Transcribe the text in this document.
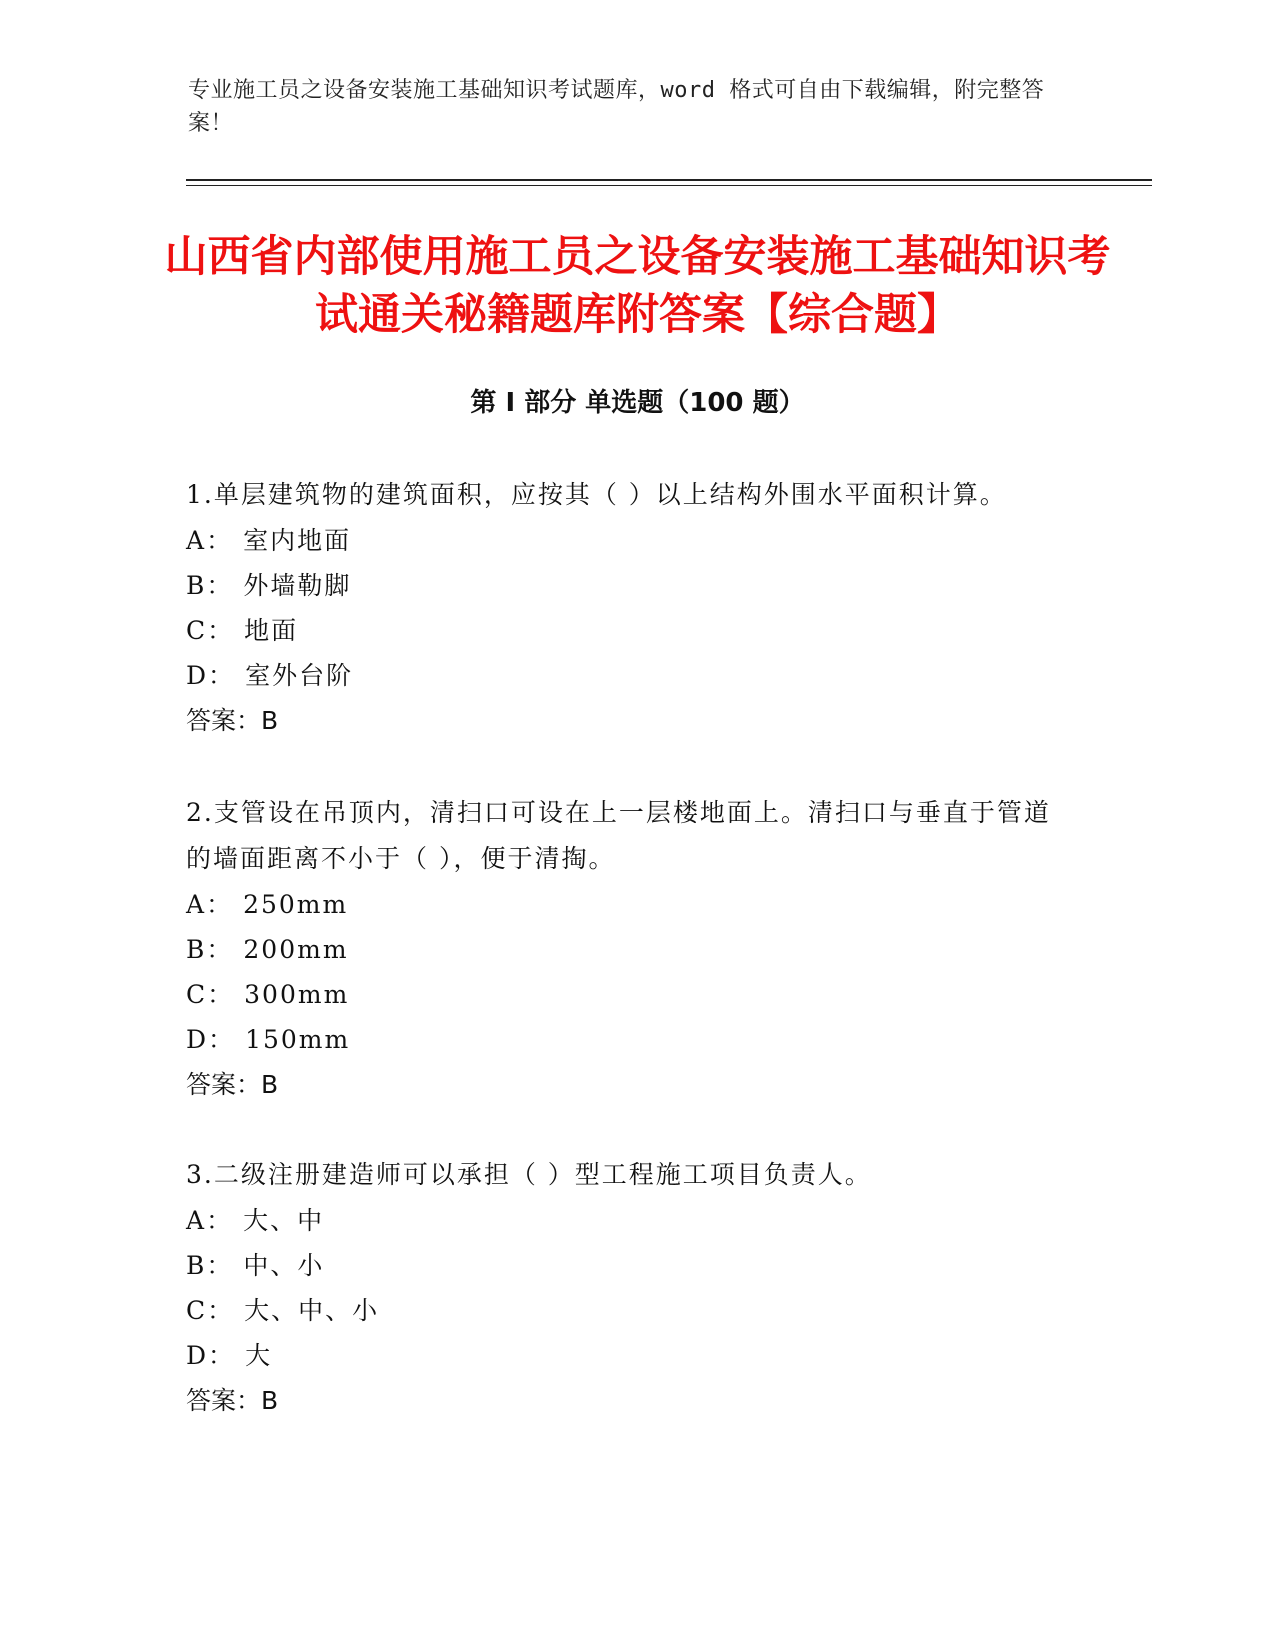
专业施工员之设备安装施工基础知识考试题库，word 格式可自由下载编辑，附完整答案！
山西省内部使用施工员之设备安装施工基础知识考试通关秘籍题库附答案【综合题】
第 I 部分 单选题（100 题）

1.单层建筑物的建筑面积，应按其（ ）以上结构外围水平面积计算。

A： 室内地面

B： 外墙勒脚

C： 地面

D： 室外台阶

答案：B

2.支管设在吊顶内，清扫口可设在上一层楼地面上。清扫口与垂直于管道的墙面距离不小于（ ），便于清掏。

A： 250mm

B： 200mm

C： 300mm

D： 150mm

答案：B

3.二级注册建造师可以承担（ ）型工程施工项目负责人。

A： 大、中

B： 中、小

C： 大、中、小

D： 大

答案：B
